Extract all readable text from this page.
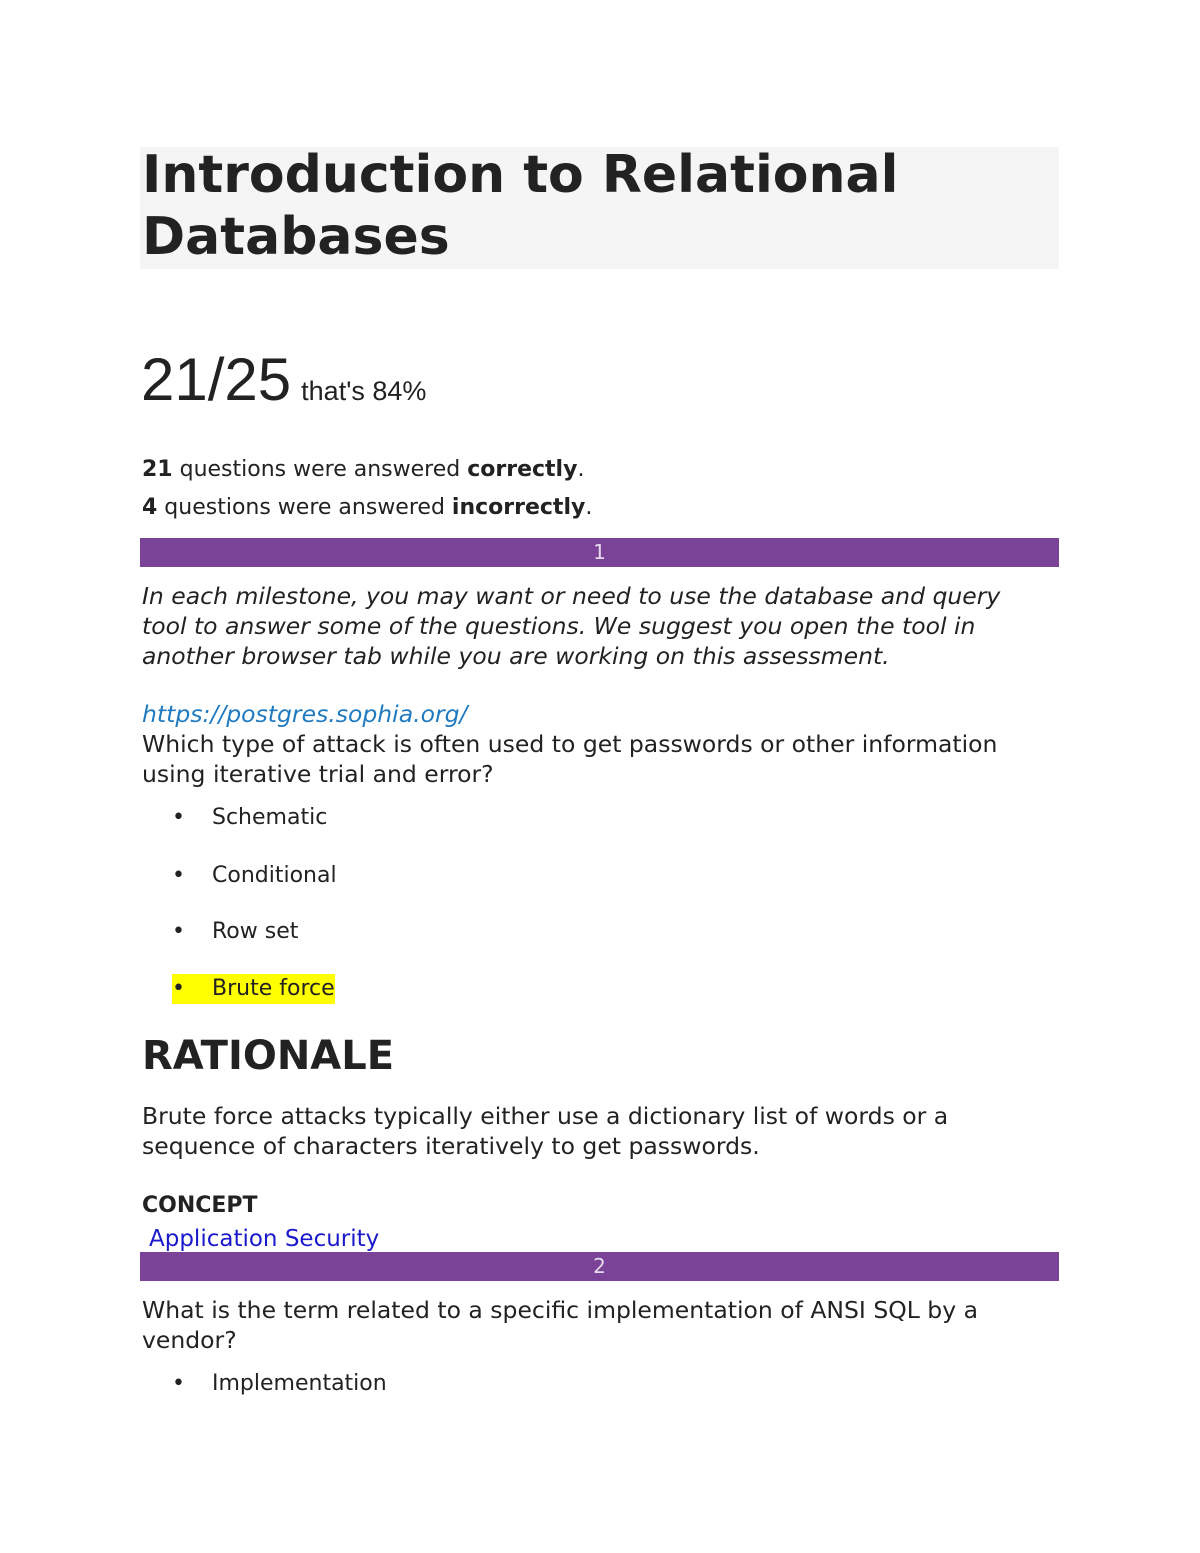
Introduction to Relational Databases
21/25 that's 84%
21 questions were answered correctly.
4 questions were answered incorrectly.
1

In each milestone, you may want or need to use the database and query tool to answer some of the questions. We suggest you open the tool in another browser tab while you are working on this assessment.

https://postgres.sophia.org/

Which type of attack is often used to get passwords or other information using iterative trial and error?

• Schematic
• Conditional
• Row set
• Brute force
RATIONALE

Brute force attacks typically either use a dictionary list of words or a sequence of characters iteratively to get passwords.

CONCEPT
Application Security
2

What is the term related to a specific implementation of ANSI SQL by a vendor?

• Implementation
